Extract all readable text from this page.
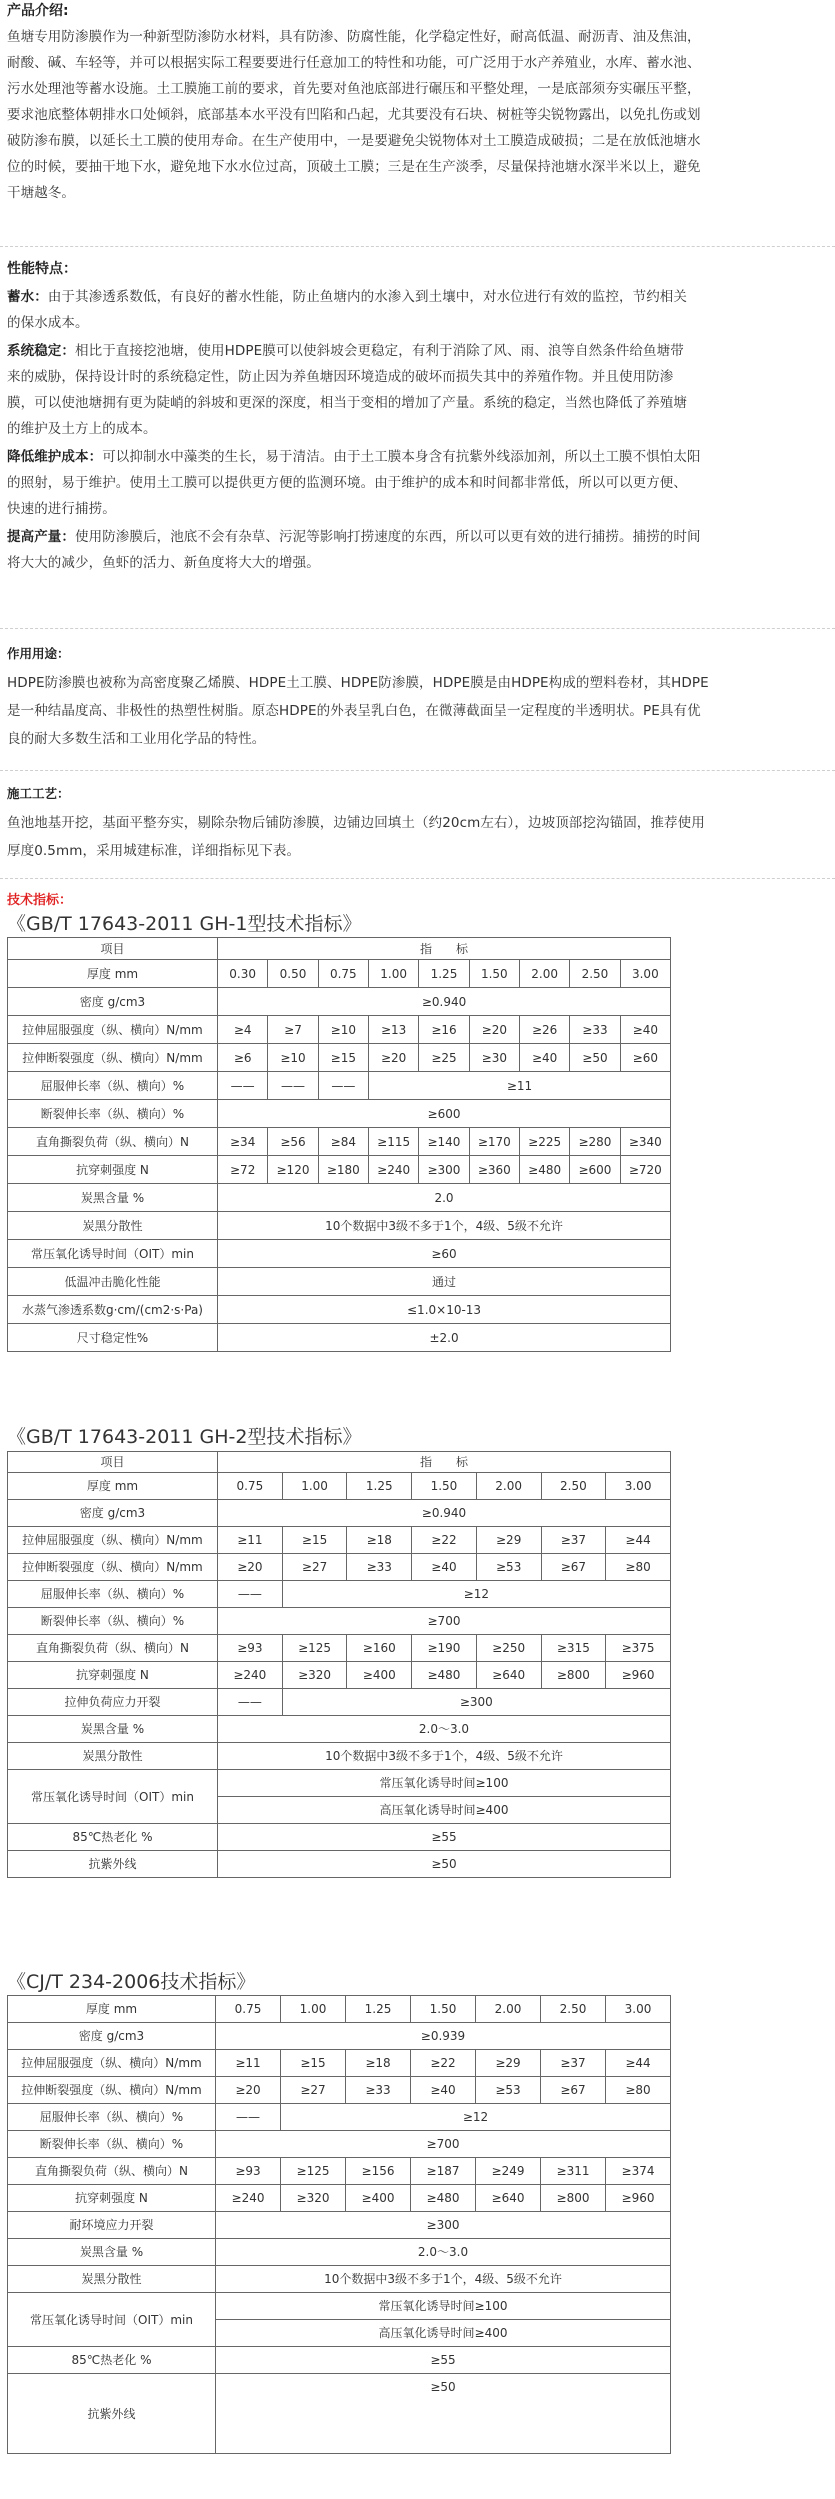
产品介绍:
鱼塘专用防渗膜作为一种新型防渗防水材料，具有防渗、防腐性能，化学稳定性好，耐高低温、耐沥青、油及焦油，
耐酸、碱、车轻等，并可以根据实际工程要要进行任意加工的特性和功能，可广泛用于水产养殖业，水库、蓄水池、
污水处理池等蓄水设施。土工膜施工前的要求，首先要对鱼池底部进行碾压和平整处理，一是底部须夯实碾压平整，
要求池底整体朝排水口处倾斜，底部基本水平没有凹陷和凸起，尤其要没有石块、树桩等尖锐物露出，以免扎伤或划
破防渗布膜，以延长土工膜的使用寿命。在生产使用中，一是要避免尖锐物体对土工膜造成破损；二是在放低池塘水
位的时候，要抽干地下水，避免地下水水位过高，顶破土工膜；三是在生产淡季，尽量保持池塘水深半米以上，避免
干塘越冬。
性能特点：
蓄水：由于其渗透系数低，有良好的蓄水性能，防止鱼塘内的水渗入到土壤中，对水位进行有效的监控，节约相关
的保水成本。
系统稳定：相比于直接挖池塘，使用HDPE膜可以使斜坡会更稳定，有利于消除了风、雨、浪等自然条件给鱼塘带
来的威胁，保持设计时的系统稳定性，防止因为养鱼塘因环境造成的破坏而损失其中的养殖作物。并且使用防渗
膜，可以使池塘拥有更为陡峭的斜坡和更深的深度，相当于变相的增加了产量。系统的稳定，当然也降低了养殖塘
的维护及土方上的成本。
降低维护成本：可以抑制水中藻类的生长，易于清洁。由于土工膜本身含有抗紫外线添加剂，所以土工膜不惧怕太阳
的照射，易于维护。使用土工膜可以提供更方便的监测环境。由于维护的成本和时间都非常低，所以可以更方便、
快速的进行捕捞。
提高产量：使用防渗膜后，池底不会有杂草、污泥等影响打捞速度的东西，所以可以更有效的进行捕捞。捕捞的时间
将大大的减少，鱼虾的活力、新鱼度将大大的增强。
作用用途：
HDPE防渗膜也被称为高密度聚乙烯膜、HDPE土工膜、HDPE防渗膜，HDPE膜是由HDPE构成的塑料卷材，其HDPE
是一种结晶度高、非极性的热塑性树脂。原态HDPE的外表呈乳白色，在微薄截面呈一定程度的半透明状。PE具有优
良的耐大多数生活和工业用化学品的特性。
施工工艺：
鱼池地基开挖，基面平整夯实，剔除杂物后铺防渗膜，边铺边回填土（约20cm左右），边坡顶部挖沟锚固，推荐使用
厚度0.5mm，采用城建标准，详细指标见下表。
技术指标：
《GB/T 17643-2011 GH-1型技术指标》
项目	指　　标								
厚度 mm	0.30	0.50	0.75	1.00	1.25	1.50	2.00	2.50	3.00
密度 g/cm3	≥0.940								
拉伸屈服强度（纵、横向）N/mm	≥4	≥7	≥10	≥13	≥16	≥20	≥26	≥33	≥40
拉伸断裂强度（纵、横向）N/mm	≥6	≥10	≥15	≥20	≥25	≥30	≥40	≥50	≥60
屈服伸长率（纵、横向）%	——	——	——	≥11					
断裂伸长率（纵、横向）%	≥600								
直角撕裂负荷（纵、横向）N	≥34	≥56	≥84	≥115	≥140	≥170	≥225	≥280	≥340
抗穿刺强度 N	≥72	≥120	≥180	≥240	≥300	≥360	≥480	≥600	≥720
炭黑含量 %	2.0								
炭黑分散性	10个数据中3级不多于1个，4级、5级不允许								
常压氧化诱导时间（OIT）min	≥60								
低温冲击脆化性能	通过								
水蒸气渗透系数g·cm/(cm2·s·Pa)	≤1.0×10-13								
尺寸稳定性%	±2.0								
《GB/T 17643-2011 GH-2型技术指标》
项目	指　　标						
厚度 mm	0.75	1.00	1.25	1.50	2.00	2.50	3.00
密度 g/cm3	≥0.940						
拉伸屈服强度（纵、横向）N/mm	≥11	≥15	≥18	≥22	≥29	≥37	≥44
拉伸断裂强度（纵、横向）N/mm	≥20	≥27	≥33	≥40	≥53	≥67	≥80
屈服伸长率（纵、横向）%	——	≥12					
断裂伸长率（纵、横向）%	≥700						
直角撕裂负荷（纵、横向）N	≥93	≥125	≥160	≥190	≥250	≥315	≥375
抗穿刺强度 N	≥240	≥320	≥400	≥480	≥640	≥800	≥960
拉伸负荷应力开裂	——	≥300					
炭黑含量 %	2.0～3.0						
炭黑分散性	10个数据中3级不多于1个，4级、5级不允许						
常压氧化诱导时间（OIT）min	常压氧化诱导时间≥100						
	高压氧化诱导时间≥400						
85℃热老化 %	≥55						
抗紫外线	≥50						
《CJ/T 234-2006技术指标》
厚度 mm	0.75	1.00	1.25	1.50	2.00	2.50	3.00
密度 g/cm3	≥0.939						
拉伸屈服强度（纵、横向）N/mm	≥11	≥15	≥18	≥22	≥29	≥37	≥44
拉伸断裂强度（纵、横向）N/mm	≥20	≥27	≥33	≥40	≥53	≥67	≥80
屈服伸长率（纵、横向）%	——	≥12					
断裂伸长率（纵、横向）%	≥700						
直角撕裂负荷（纵、横向）N	≥93	≥125	≥156	≥187	≥249	≥311	≥374
抗穿刺强度 N	≥240	≥320	≥400	≥480	≥640	≥800	≥960
耐环境应力开裂	≥300						
炭黑含量 %	2.0～3.0						
炭黑分散性	10个数据中3级不多于1个，4级、5级不允许						
常压氧化诱导时间（OIT）min	常压氧化诱导时间≥100						
	高压氧化诱导时间≥400						
85℃热老化 %	≥55						
抗紫外线	≥50						
